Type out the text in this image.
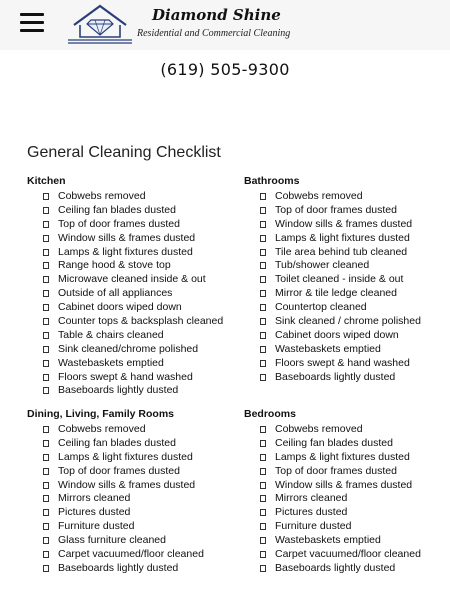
Diamond Shine
Residential and Commercial Cleaning
(619) 505-9300
General Cleaning Checklist
Kitchen
Cobwebs removed
Ceiling fan blades dusted
Top of door frames dusted
Window sills & frames dusted
Lamps & light fixtures dusted
Range hood & stove top
Microwave cleaned inside & out
Outside of all appliances
Cabinet doors wiped down
Counter tops & backsplash cleaned
Table & chairs cleaned
Sink cleaned/chrome polished
Wastebaskets emptied
Floors swept & hand washed
Baseboards lightly dusted
Bathrooms
Cobwebs removed
Top of door frames dusted
Window sills & frames dusted
Lamps & light fixtures dusted
Tile area behind tub cleaned
Tub/shower cleaned
Toilet cleaned - inside & out
Mirror & tile ledge cleaned
Countertop cleaned
Sink cleaned / chrome polished
Cabinet doors wiped down
Wastebaskets emptied
Floors swept & hand washed
Baseboards lightly dusted
Dining, Living, Family Rooms
Cobwebs removed
Ceiling fan blades dusted
Lamps & light fixtures dusted
Top of door frames dusted
Window sills & frames dusted
Mirrors cleaned
Pictures dusted
Furniture dusted
Glass furniture cleaned
Carpet vacuumed/floor cleaned
Baseboards lightly dusted
Bedrooms
Cobwebs removed
Ceiling fan blades dusted
Lamps & light fixtures dusted
Top of door frames dusted
Window sills & frames dusted
Mirrors cleaned
Pictures dusted
Furniture dusted
Wastebaskets emptied
Carpet vacuumed/floor cleaned
Baseboards lightly dusted
